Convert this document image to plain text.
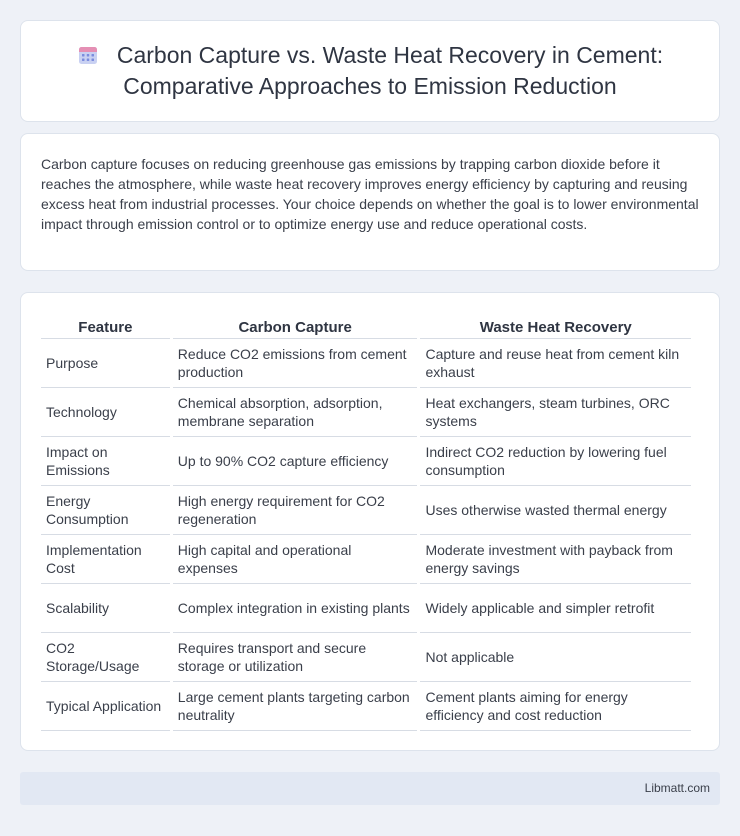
Carbon Capture vs. Waste Heat Recovery in Cement: Comparative Approaches to Emission Reduction

Carbon capture focuses on reducing greenhouse gas emissions by trapping carbon dioxide before it reaches the atmosphere, while waste heat recovery improves energy efficiency by capturing and reusing excess heat from industrial processes. Your choice depends on whether the goal is to lower environmental impact through emission control or to optimize energy use and reduce operational costs.

Feature	Carbon Capture	Waste Heat Recovery
Purpose	Reduce CO2 emissions from cement production	Capture and reuse heat from cement kiln exhaust
Technology	Chemical absorption, adsorption, membrane separation	Heat exchangers, steam turbines, ORC systems
Impact on Emissions	Up to 90% CO2 capture efficiency	Indirect CO2 reduction by lowering fuel consumption
Energy Consumption	High energy requirement for CO2 regeneration	Uses otherwise wasted thermal energy
Implementation Cost	High capital and operational expenses	Moderate investment with payback from energy savings
Scalability	Complex integration in existing plants	Widely applicable and simpler retrofit
CO2 Storage/Usage	Requires transport and secure storage or utilization	Not applicable
Typical Application	Large cement plants targeting carbon neutrality	Cement plants aiming for energy efficiency and cost reduction
Libmatt.com
